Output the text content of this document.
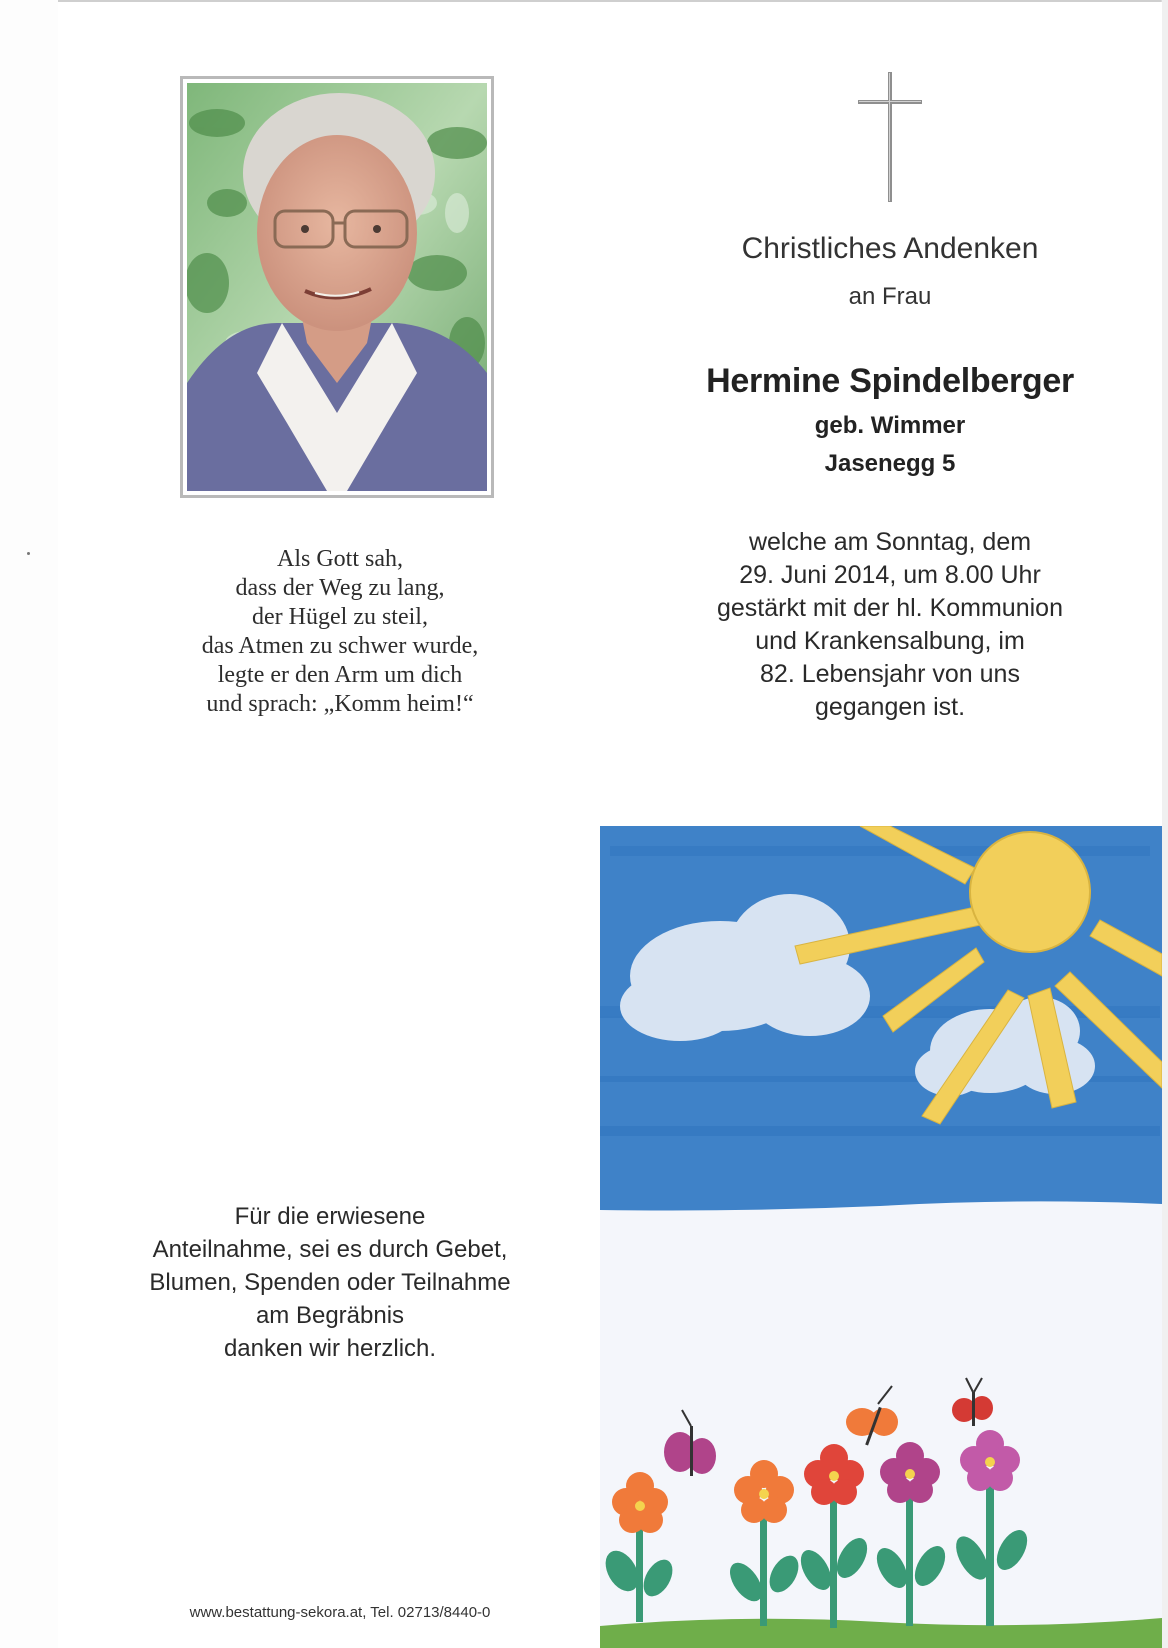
Als Gott sah,
dass der Weg zu lang,
der Hügel zu steil,
das Atmen zu schwer wurde,
legte er den Arm um dich
und sprach: „Komm heim!“
Christliches Andenken
an Frau
Hermine Spindelberger
geb. Wimmer
Jasenegg 5
welche am Sonntag, dem
29. Juni 2014, um 8.00 Uhr
gestärkt mit der hl. Kommunion
und Krankensalbung, im
82. Lebensjahr von uns
gegangen ist.
Für die erwiesene
Anteilnahme, sei es durch Gebet,
Blumen, Spenden oder Teilnahme
am Begräbnis
danken wir herzlich.
www.bestattung-sekora.at, Tel. 02713/8440-0
